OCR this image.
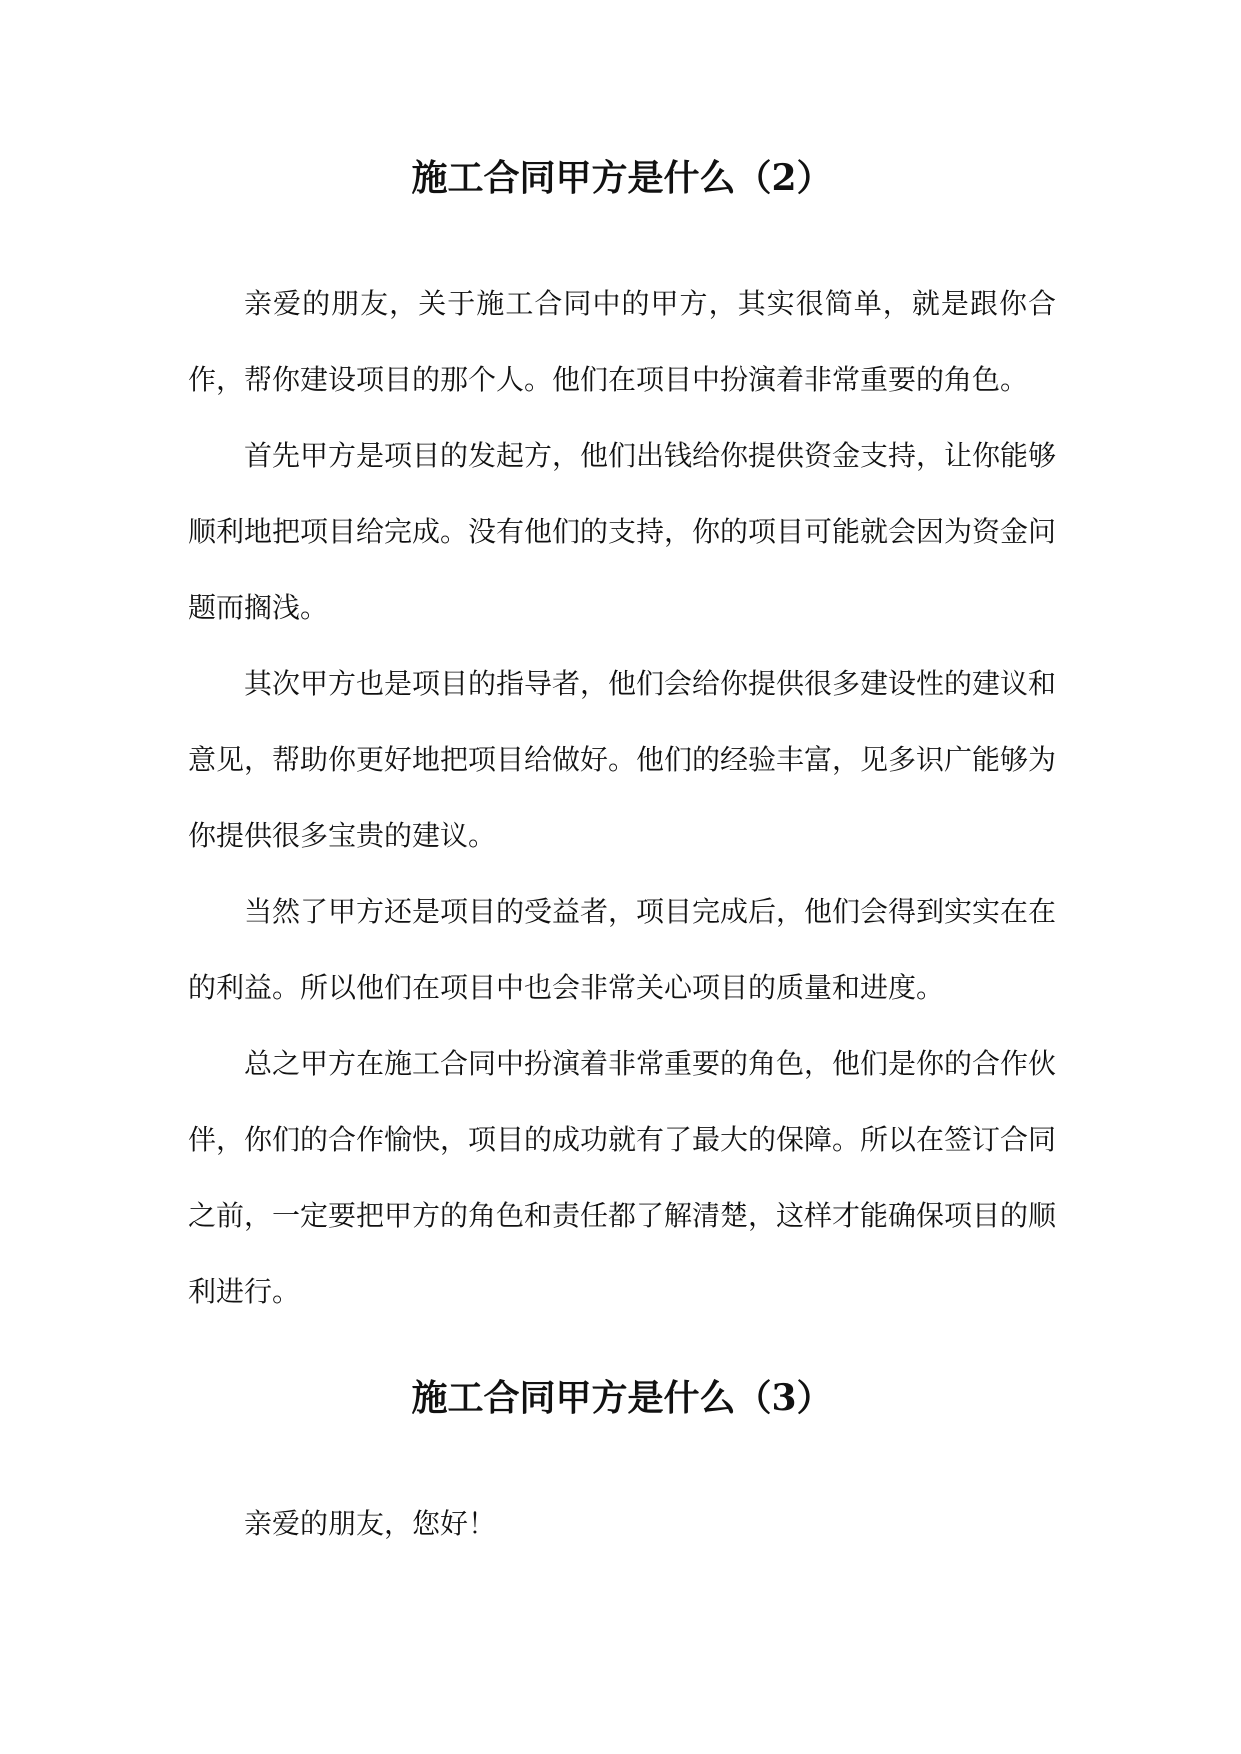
施工合同甲方是什么（2）

亲爱的朋友，关于施工合同中的甲方，其实很简单，就是跟你合作，帮你建设项目的那个人。他们在项目中扮演着非常重要的角色。

首先甲方是项目的发起方，他们出钱给你提供资金支持，让你能够顺利地把项目给完成。没有他们的支持，你的项目可能就会因为资金问题而搁浅。

其次甲方也是项目的指导者，他们会给你提供很多建设性的建议和意见，帮助你更好地把项目给做好。他们的经验丰富，见多识广能够为你提供很多宝贵的建议。

当然了甲方还是项目的受益者，项目完成后，他们会得到实实在在的利益。所以他们在项目中也会非常关心项目的质量和进度。

总之甲方在施工合同中扮演着非常重要的角色，他们是你的合作伙伴，你们的合作愉快，项目的成功就有了最大的保障。所以在签订合同之前，一定要把甲方的角色和责任都了解清楚，这样才能确保项目的顺利进行。

施工合同甲方是什么（3）

亲爱的朋友，您好！
